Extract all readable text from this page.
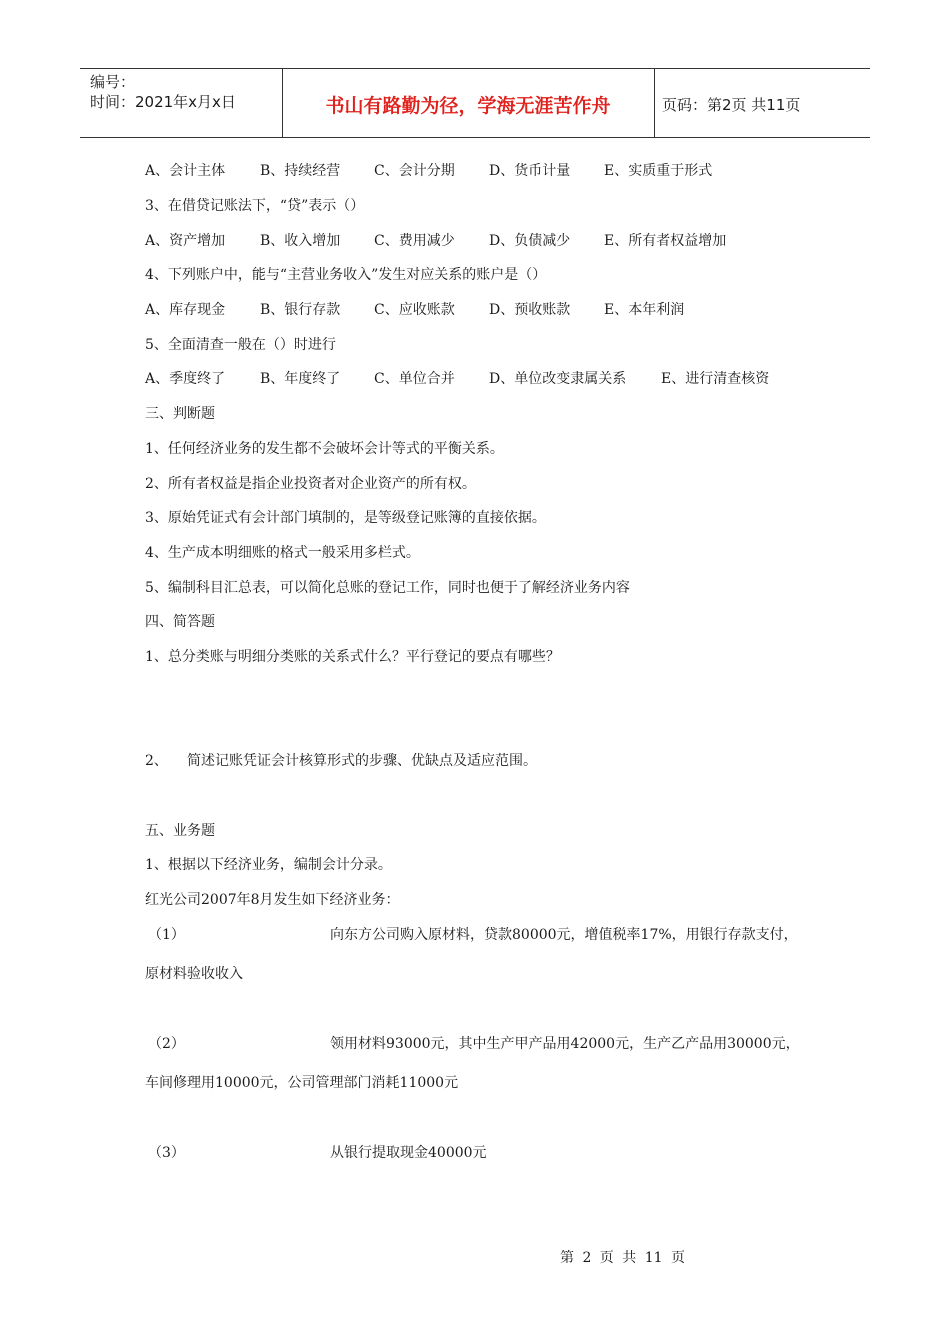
编号：
时间：2021年x月x日	书山有路勤为径，学海无涯苦作舟	页码：第2页 共11页
A、会计主体 B、持续经营 C、会计分期 D、货币计量 E、实质重于形式
3、在借贷记账法下，“贷”表示（）
A、资产增加 B、收入增加 C、费用减少 D、负债减少 E、所有者权益增加
4、下列账户中，能与“主营业务收入”发生对应关系的账户是（）
A、库存现金 B、银行存款 C、应收账款 D、预收账款 E、本年利润
5、全面清查一般在（）时进行
A、季度终了 B、年度终了 C、单位合并 D、单位改变隶属关系 E、进行清查核资
三、判断题
1、任何经济业务的发生都不会破坏会计等式的平衡关系。
2、所有者权益是指企业投资者对企业资产的所有权。
3、原始凭证式有会计部门填制的，是等级登记账簿的直接依据。
4、生产成本明细账的格式一般采用多栏式。
5、编制科目汇总表，可以简化总账的登记工作，同时也便于了解经济业务内容
四、简答题
1、总分类账与明细分类账的关系式什么？平行登记的要点有哪些？
2、 简述记账凭证会计核算形式的步骤、优缺点及适应范围。
五、业务题
1、根据以下经济业务，编制会计分录。
红光公司2007年8月发生如下经济业务：
（1）	向东方公司购入原材料，贷款80000元，增值税率17%，用银行存款支付，
原材料验收收入
（2）	领用材料93000元，其中生产甲产品用42000元，生产乙产品用30000元，
车间修理用10000元，公司管理部门消耗11000元
（3）	从银行提取现金40000元
第 2 页 共 11 页
